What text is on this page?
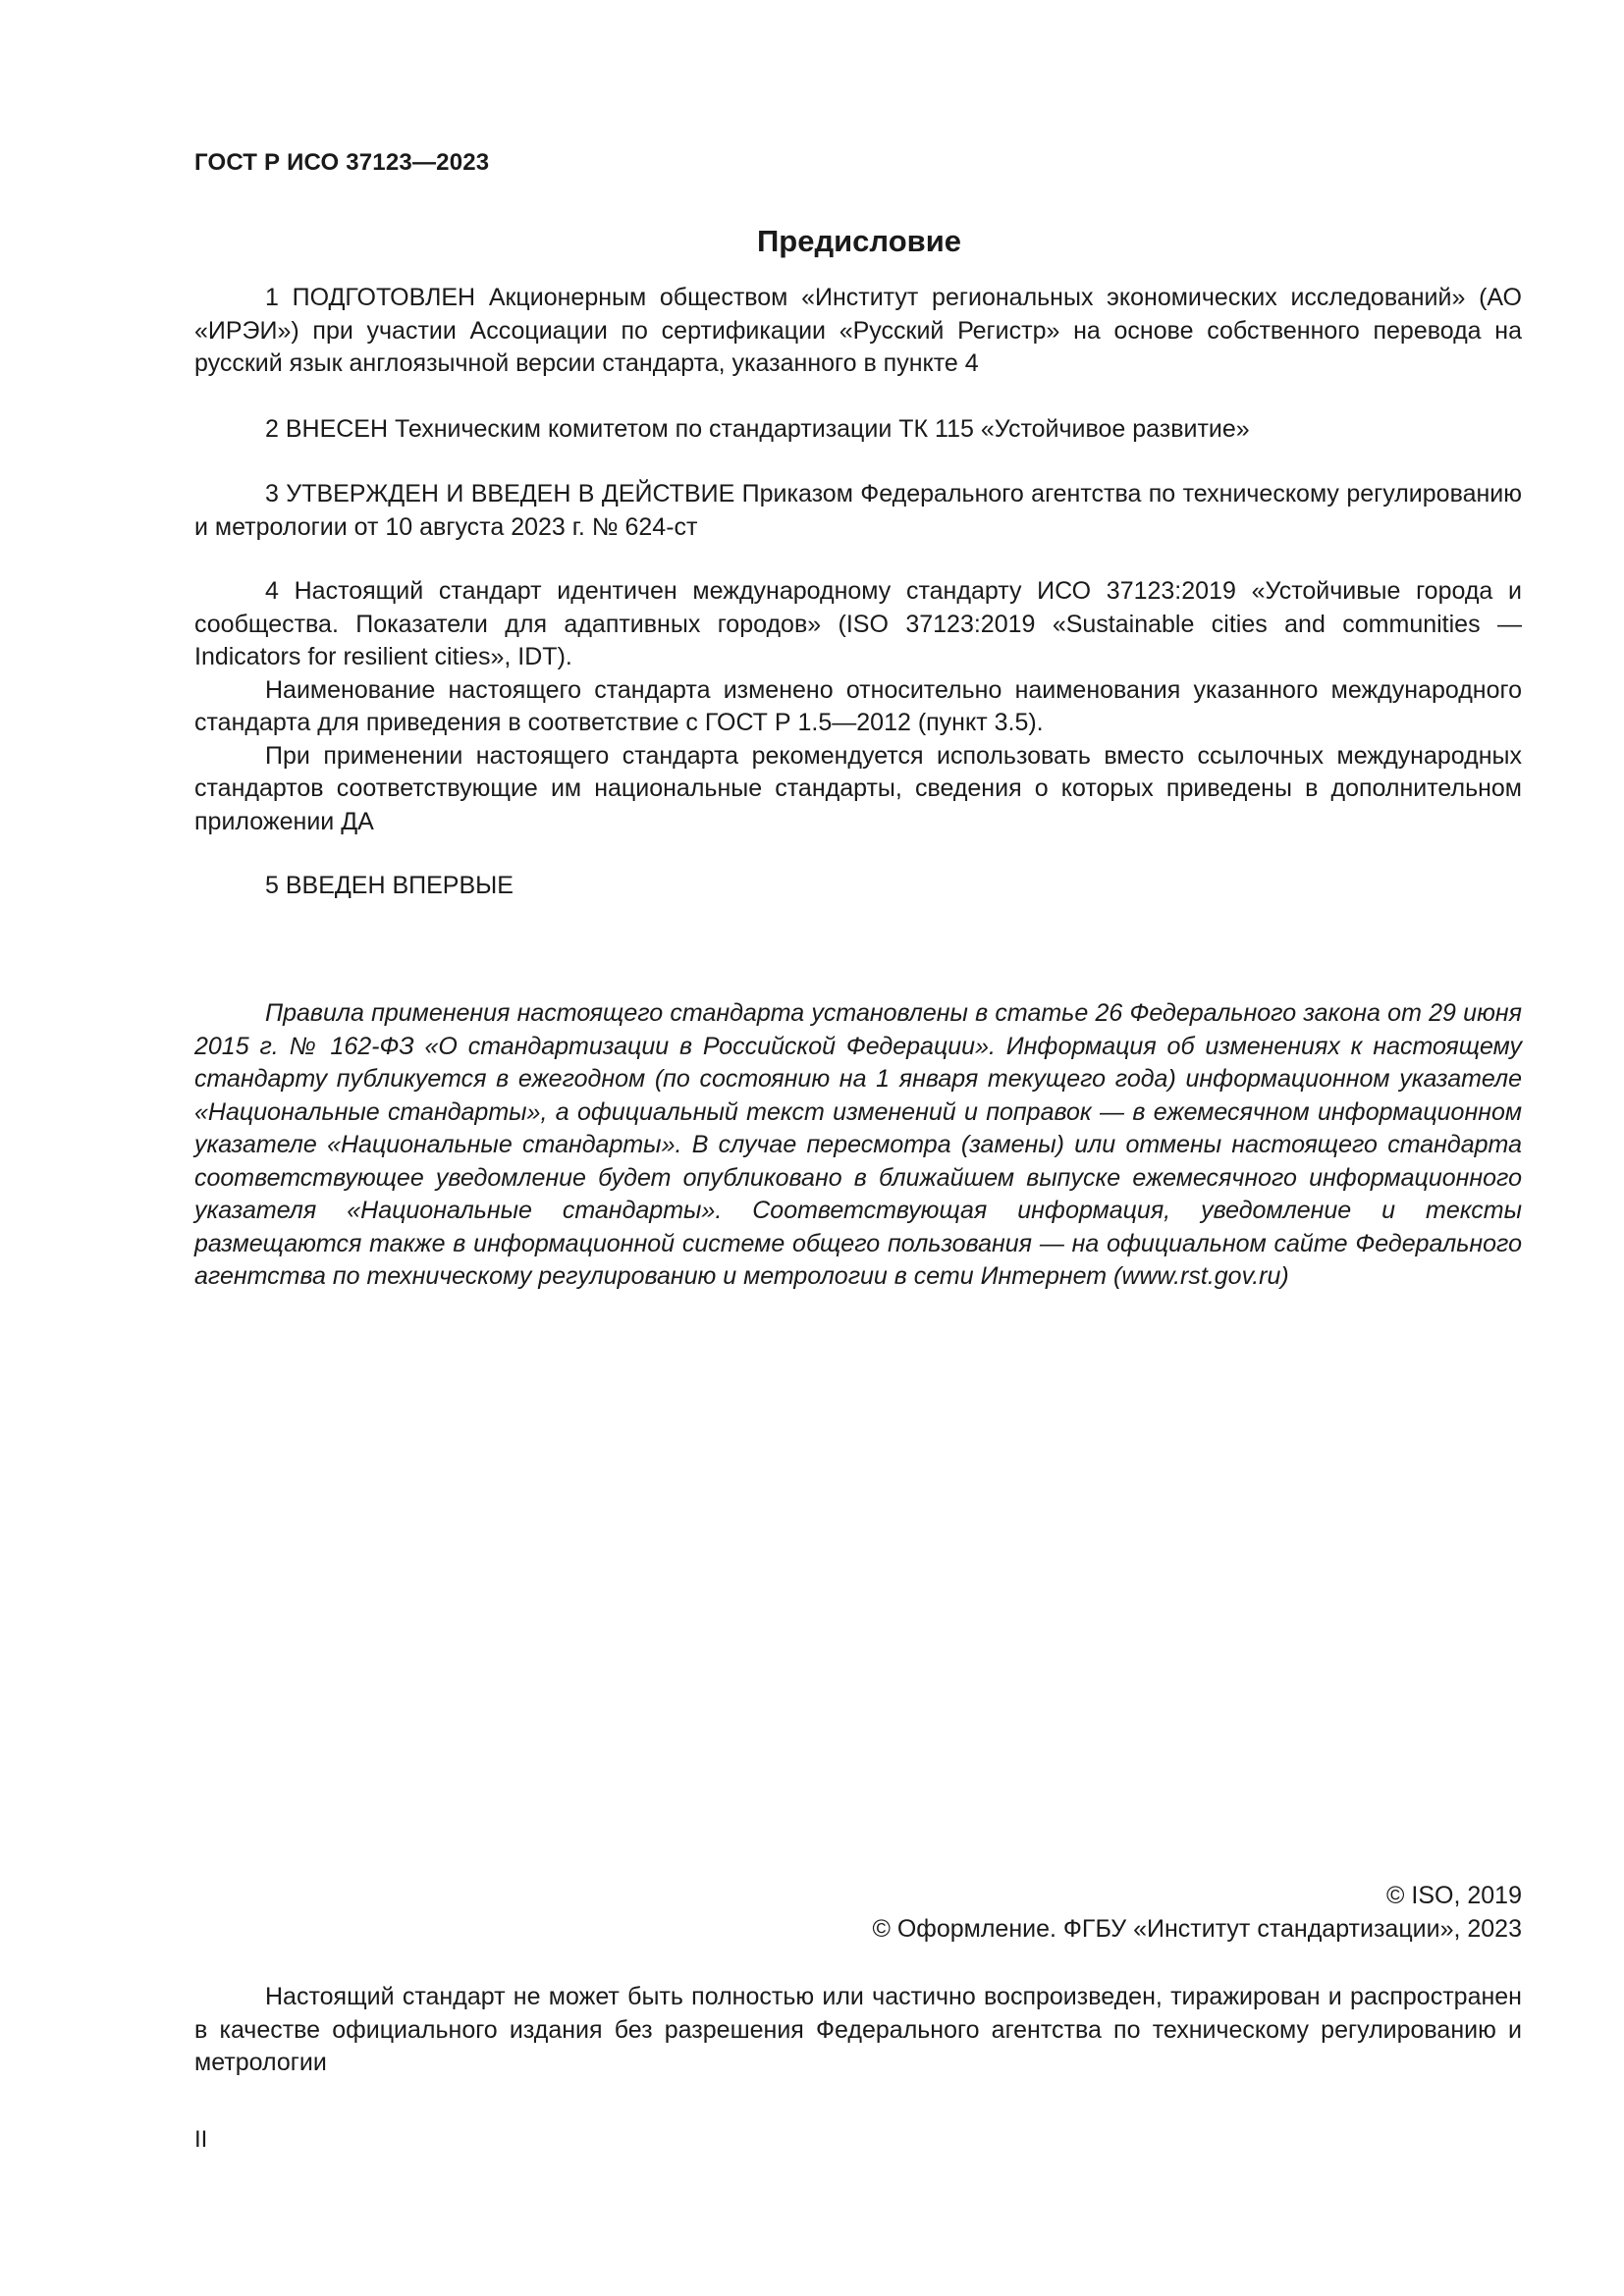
ГОСТ Р ИСО 37123—2023
Предисловие

1 ПОДГОТОВЛЕН Акционерным обществом «Институт региональных экономических исследований» (АО «ИРЭИ») при участии Ассоциации по сертификации «Русский Регистр» на основе собственного перевода на русский язык англоязычной версии стандарта, указанного в пункте 4

2 ВНЕСЕН Техническим комитетом по стандартизации ТК 115 «Устойчивое развитие»

3 УТВЕРЖДЕН И ВВЕДЕН В ДЕЙСТВИЕ Приказом Федерального агентства по техническому регулированию и метрологии от 10 августа 2023 г. № 624-ст

4 Настоящий стандарт идентичен международному стандарту ИСО 37123:2019 «Устойчивые города и сообщества. Показатели для адаптивных городов» (ISO 37123:2019 «Sustainable cities and communities — Indicators for resilient cities», IDT).

Наименование настоящего стандарта изменено относительно наименования указанного международного стандарта для приведения в соответствие с ГОСТ Р 1.5—2012 (пункт 3.5).

При применении настоящего стандарта рекомендуется использовать вместо ссылочных международных стандартов соответствующие им национальные стандарты, сведения о которых приведены в дополнительном приложении ДА

5 ВВЕДЕН ВПЕРВЫЕ

Правила применения настоящего стандарта установлены в статье 26 Федерального закона от 29 июня 2015 г. № 162-ФЗ «О стандартизации в Российской Федерации». Информация об изменениях к настоящему стандарту публикуется в ежегодном (по состоянию на 1 января текущего года) информационном указателе «Национальные стандарты», а официальный текст изменений и поправок — в ежемесячном информационном указателе «Национальные стандарты». В случае пересмотра (замены) или отмены настоящего стандарта соответствующее уведомление будет опубликовано в ближайшем выпуске ежемесячного информационного указателя «Национальные стандарты». Соответствующая информация, уведомление и тексты размещаются также в информационной системе общего пользования — на официальном сайте Федерального агентства по техническому регулированию и метрологии в сети Интернет (www.rst.gov.ru)

© ISO, 2019
© Оформление. ФГБУ «Институт стандартизации», 2023

Настоящий стандарт не может быть полностью или частично воспроизведен, тиражирован и распространен в качестве официального издания без разрешения Федерального агентства по техническому регулированию и метрологии

II
